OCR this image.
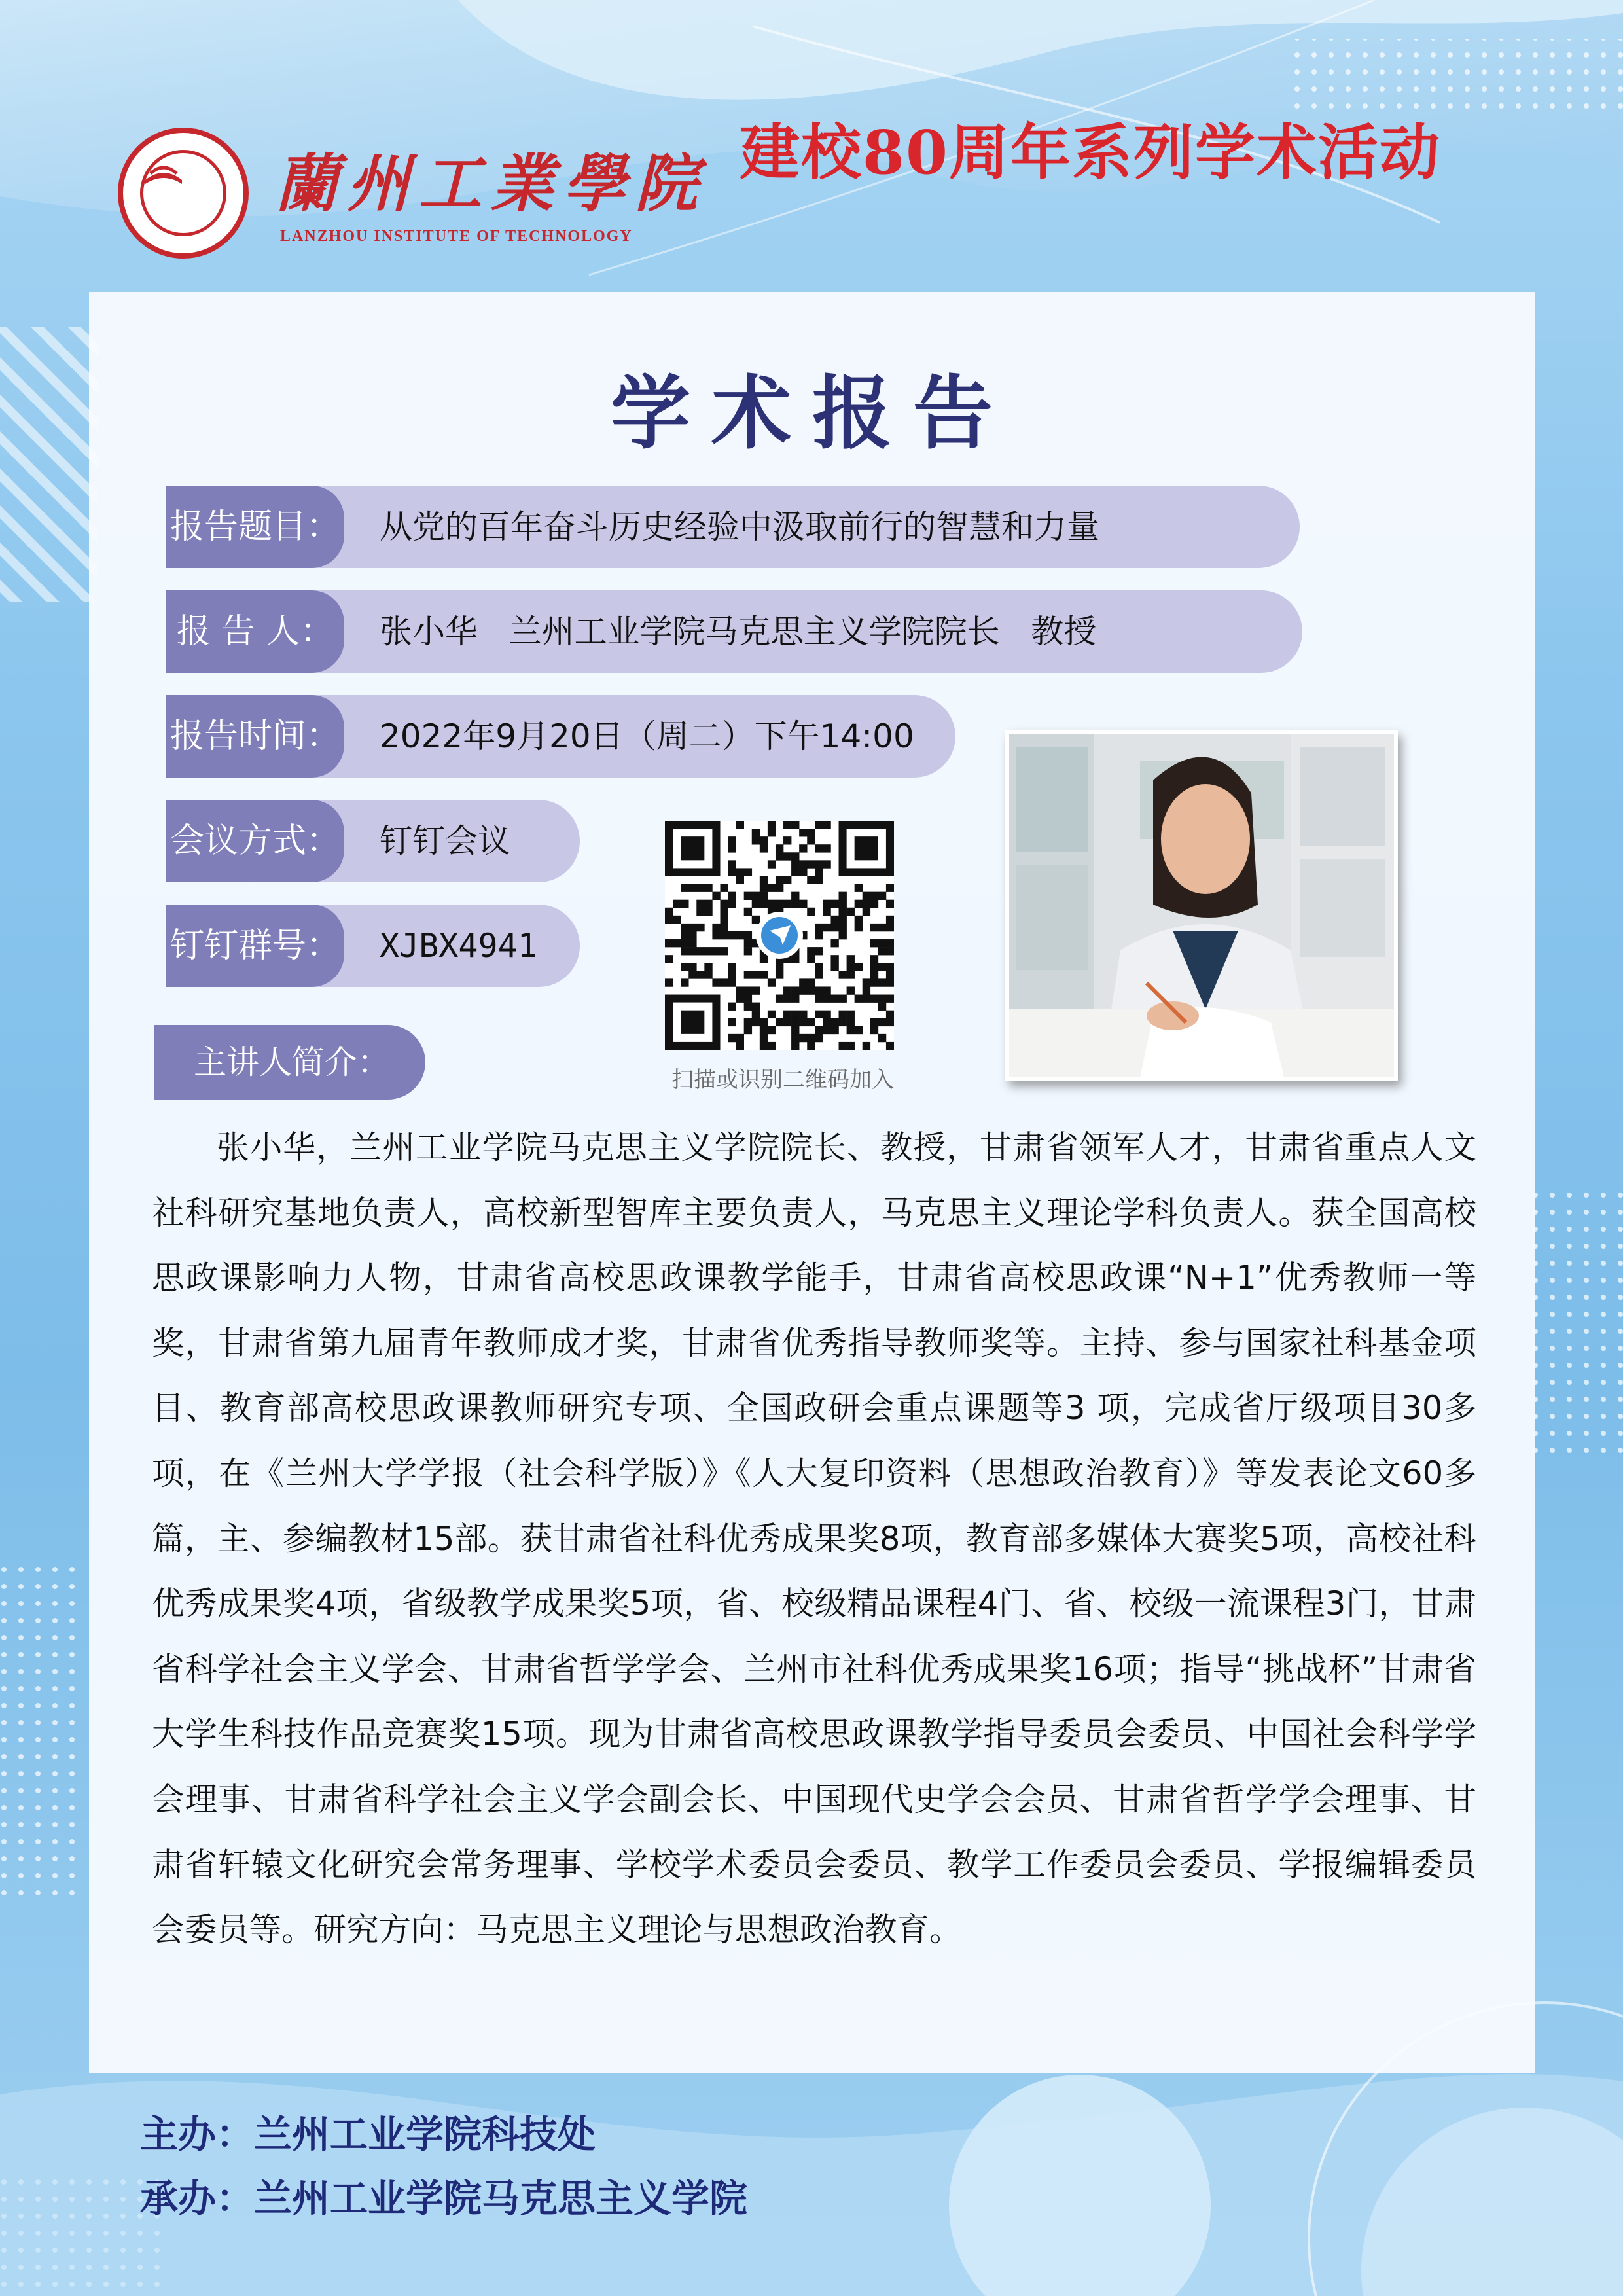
蘭州工業學院
LANZHOU INSTITUTE OF TECHNOLOGY
建校80周年系列学术活动
学术报告
报告题目： 从党的百年奋斗历史经验中汲取前行的智慧和力量
报 告 人：	张小华   兰州工业学院马克思主义学院院长   教授
报告时间： 2022年9月20日（周二）下午14:00
会议方式： 钉钉会议
钉钉群号： XJBX4941
主讲人简介：	扫描或识别二维码加入
张小华，兰州工业学院马克思主义学院院长、教授，甘肃省领军人才，甘肃省重点人文社科研究基地负责人，高校新型智库主要负责人，马克思主义理论学科负责人。获全国高校思政课影响力人物，甘肃省高校思政课教学能手，甘肃省高校思政课“N+1”优秀教师一等奖，甘肃省第九届青年教师成才奖，甘肃省优秀指导教师奖等。主持、参与国家社科基金项目、教育部高校思政课教师研究专项、全国政研会重点课题等3 项，完成省厅级项目30多项，在《兰州大学学报（社会科学版）》《人大复印资料（思想政治教育）》等发表论文60多篇，主、参编教材15部。获甘肃省社科优秀成果奖8项，教育部多媒体大赛奖5项，高校社科优秀成果奖4项，省级教学成果奖5项，省、校级精品课程4门、省、校级一流课程3门，甘肃省科学社会主义学会、甘肃省哲学学会、兰州市社科优秀成果奖16项；指导“挑战杯”甘肃省大学生科技作品竞赛奖15项。现为甘肃省高校思政课教学指导委员会委员、中国社会科学学会理事、甘肃省科学社会主义学会副会长、中国现代史学会会员、甘肃省哲学学会理事、甘肃省轩辕文化研究会常务理事、学校学术委员会委员、教学工作委员会委员、学报编辑委员会委员等。研究方向：马克思主义理论与思想政治教育。
主办：兰州工业学院科技处
承办：兰州工业学院马克思主义学院
